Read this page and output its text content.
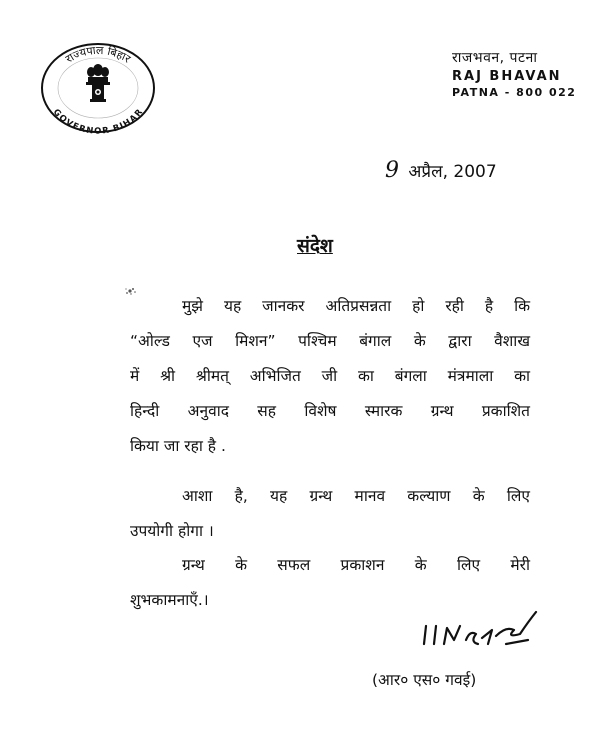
राज्यपाल बिहार
GOVERNOR BIHAR
राजभवन, पटना
RAJ BHAVAN
PATNA - 800 022
9 अप्रैल, 2007
संदेश
मुझे यह जानकर अतिप्रसन्नता हो रही है कि
“ओल्ड एज मिशन” पश्चिम बंगाल के द्वारा वैशाख
में श्री श्रीमत् अभिजित जी का बंगला मंत्रमाला का
हिन्दी अनुवाद सह विशेष स्मारक ग्रन्थ प्रकाशित
किया जा रहा है .
आशा है, यह ग्रन्थ मानव कल्याण के लिए
उपयोगी होगा ।
ग्रन्थ के सफल प्रकाशन के लिए मेरी
शुभकामनाएँ.।
(आर० एस० गवई)
